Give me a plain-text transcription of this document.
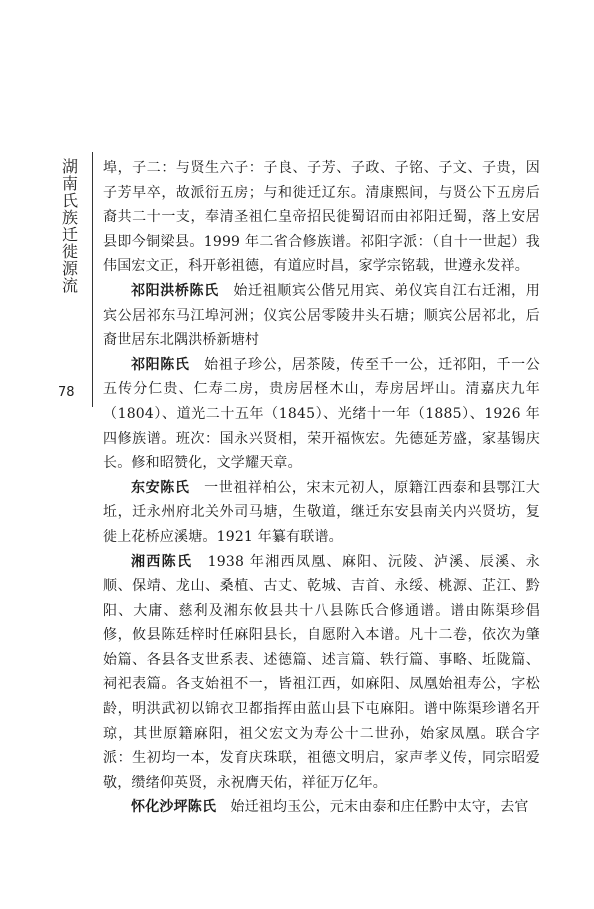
湖南氏族迁徙源流
78

埠，子二：与贤生六子：子良、子芳、子政、子铭、子文、子贵，因子芳早卒，故派衍五房；与和徙迁辽东。清康熙间，与贤公下五房后裔共二十一支，奉清圣祖仁皇帝招民徙蜀诏而由祁阳迁蜀，落上安居县即今铜梁县。1999 年二省合修族谱。祁阳字派：（自十一世起）我伟国宏文正，科开彰祖德，有道应时昌，家学宗铭载，世遵永发祥。

祁阳洪桥陈氏　 始迁祖顺宾公偕兄用宾、弟仪宾自江右迁湘，用宾公居祁东马江埠河洲；仪宾公居零陵井头石塘；顺宾公居祁北，后裔世居东北隅洪桥新塘村

祁阳陈氏　 始祖子珍公，居茶陵，传至千一公，迁祁阳，千一公五传分仁贵、仁寿二房，贵房居柽木山，寿房居坪山。清嘉庆九年（1804）、道光二十五年（1845）、光绪十一年（1885）、1926 年四修族谱。班次：国永兴贤相，荣开福恢宏。先德延芳盛，家基锡庆长。修和昭赞化，文学耀天章。

东安陈氏　 一世祖祥柏公，宋末元初人，原籍江西泰和县鄂江大坵，迁永州府北关外司马塘，生敬道，继迁东安县南关内兴贤坊，复徙上花桥应溪塘。1921 年纂有联谱。

湘西陈氏　 1938 年湘西凤凰、麻阳、沅陵、泸溪、辰溪、永顺、保靖、龙山、桑植、古丈、乾城、吉首、永绥、桃源、芷江、黔阳、大庸、慈利及湘东攸县共十八县陈氏合修通谱。谱由陈渠珍倡修，攸县陈廷梓时任麻阳县长，自愿附入本谱。凡十二卷，依次为肇始篇、各县各支世系表、述德篇、述言篇、轶行篇、事略、坵陇篇、祠祀表篇。各支始祖不一，皆祖江西，如麻阳、凤凰始祖寿公，字松龄，明洪武初以锦衣卫都指挥由蓝山县下屯麻阳。谱中陈渠珍谱名开琼，其世原籍麻阳，祖父宏文为寿公十二世孙，始家凤凰。联合字派：生初均一本，发育庆珠联，祖德文明启，家声孝义传，同宗昭爱敬，缵绪仰英贤，永祝膺天佑，祥征万亿年。

怀化沙坪陈氏　 始迁祖均玉公，元末由泰和庄任黔中太守，去官
